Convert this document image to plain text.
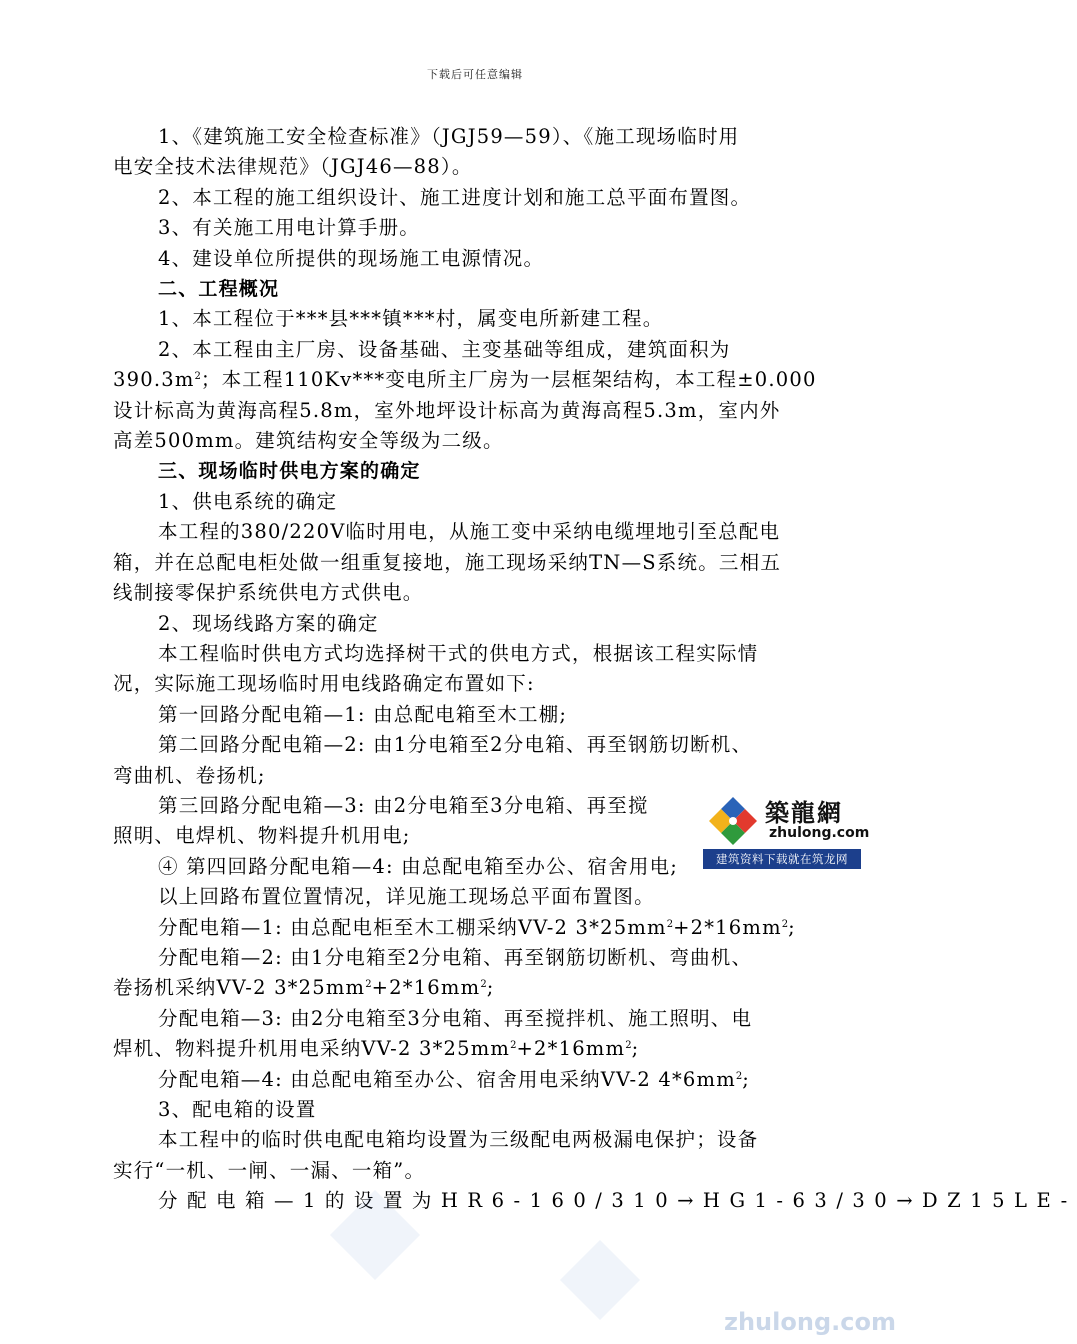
下载后可任意编辑

1、《建筑施工安全检查标准》（JGJ59—59）、《施工现场临时用

电安全技术法律规范》（JGJ46—88）。

2、本工程的施工组织设计、施工进度计划和施工总平面布置图。

3、有关施工用电计算手册。

4、建设单位所提供的现场施工电源情况。

二、工程概况

1、本工程位于***县***镇***村，属变电所新建工程。

2、本工程由主厂房、设备基础、主变基础等组成，建筑面积为

$390.3m^2$；本工程110Kv***变电所主厂房为一层框架结构，本工程±0.000

设计标高为黄海高程5.8m，室外地坪设计标高为黄海高程5.3m，室内外

高差500mm。建筑结构安全等级为二级。

三、现场临时供电方案的确定

1、供电系统的确定

本工程的380/220V临时用电，从施工变中采纳电缆埋地引至总配电

箱，并在总配电柜处做一组重复接地，施工现场采纳TN—S系统。三相五

线制接零保护系统供电方式供电。

2、现场线路方案的确定

本工程临时供电方式均选择树干式的供电方式，根据该工程实际情

况，实际施工现场临时用电线路确定布置如下:

第一回路分配电箱—1: 由总配电箱至木工棚;

第二回路分配电箱—2: 由1分电箱至2分电箱、再至钢筋切断机、

弯曲机、卷扬机;

第三回路分配电箱—3: 由2分电箱至3分电箱、再至搅

照明、电焊机、物料提升机用电;

④ 第四回路分配电箱—4: 由总配电箱至办公、宿舍用电;

以上回路布置位置情况，详见施工现场总平面布置图。

分配电箱—1: 由总配电柜至木工棚采纳VV-2 $3*25mm^2+2*16mm^2$;

分配电箱—2: 由1分电箱至2分电箱、再至钢筋切断机、弯曲机、

卷扬机采纳VV-2 $3*25mm^2+2*16mm^2$;

分配电箱—3: 由2分电箱至3分电箱、再至搅拌机、施工照明、电

焊机、物料提升机用电采纳VV-2 $3*25mm^2+2*16mm^2$;

分配电箱—4: 由总配电箱至办公、宿舍用电采纳VV-2 $4*6mm^2$;

3、配电箱的设置

本工程中的临时供电配电箱均设置为三级配电两极漏电保护；设备

实行“一机、一闸、一漏、一箱”。

分配电箱—1的设置为HR6-160/310→HG1-63/30→DZ15LE-

zhulong.com
築龍網
zhulong.com
建筑资料下载就在筑龙网
